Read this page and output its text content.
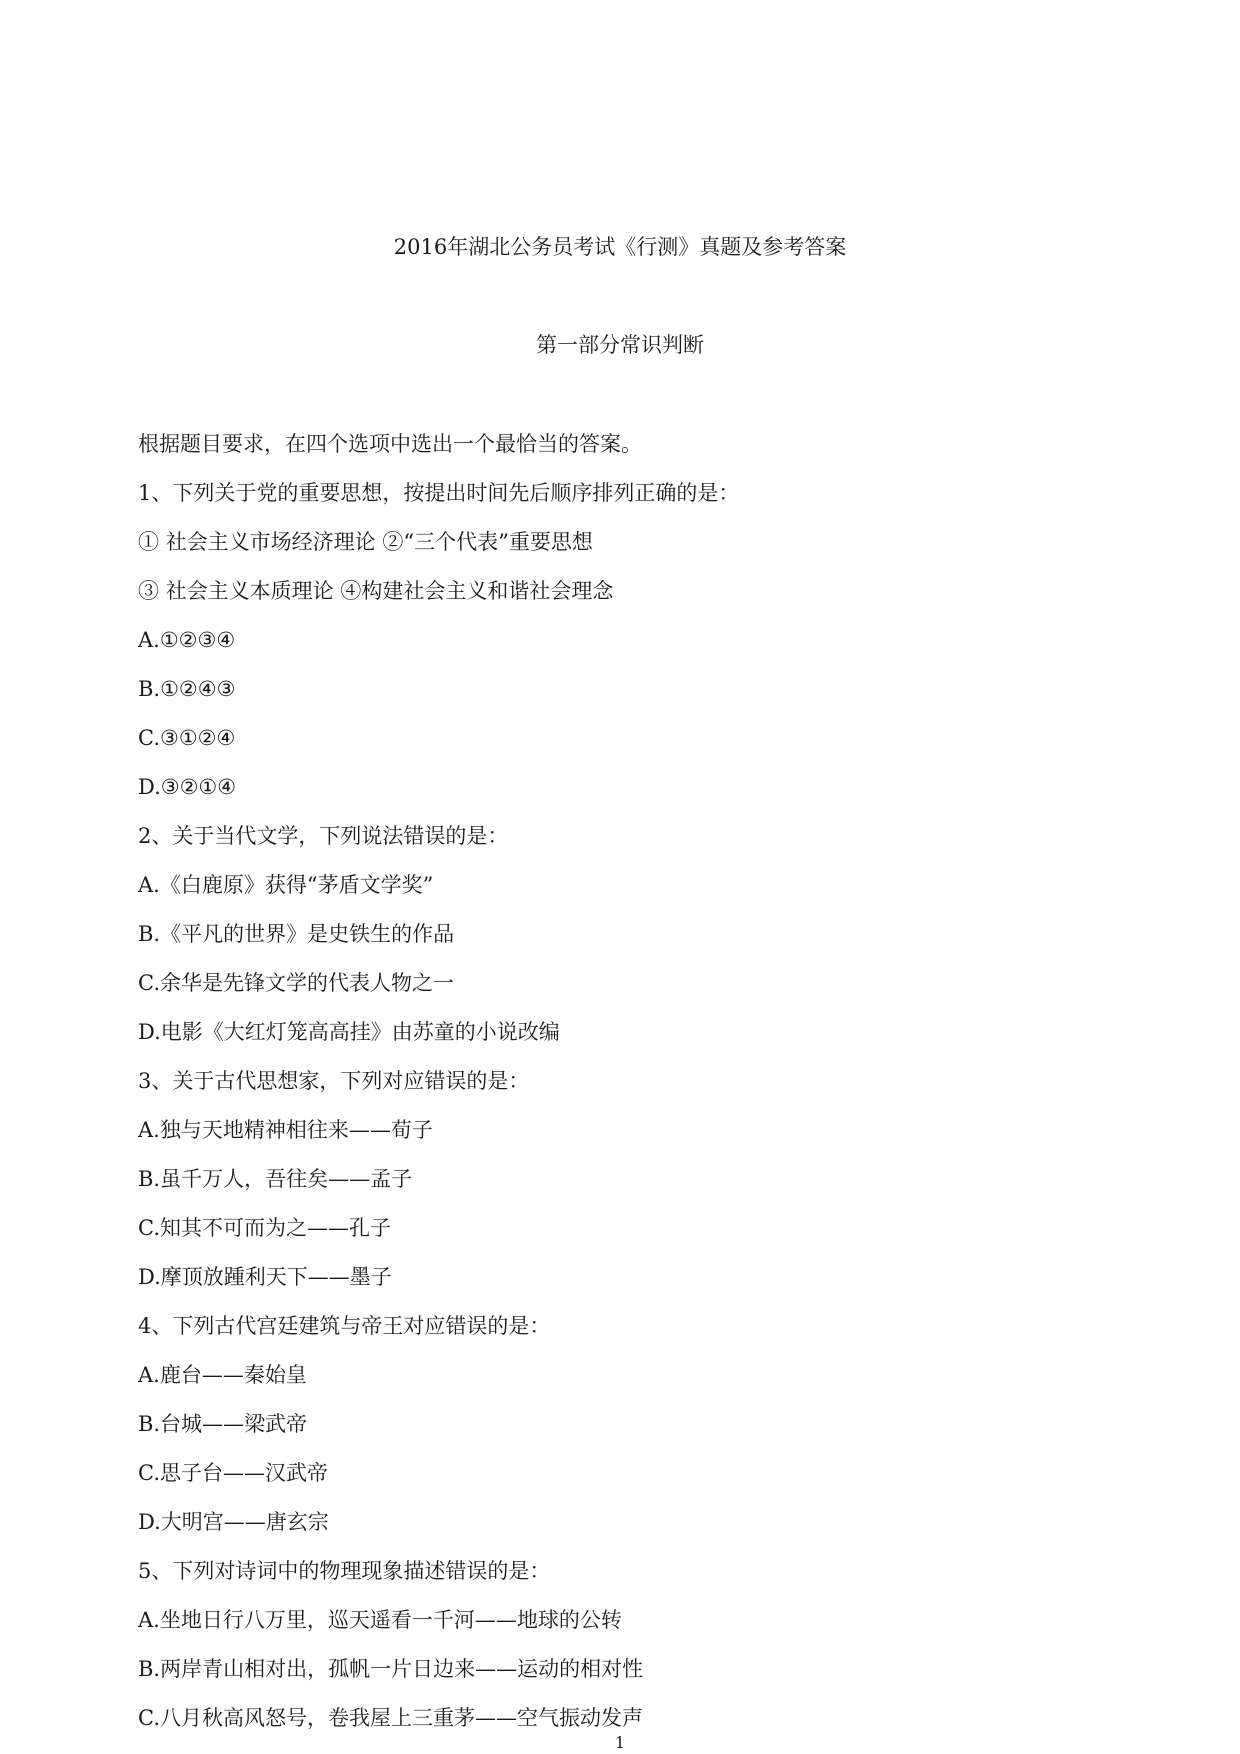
2016年湖北公务员考试《行测》真题及参考答案
第一部分常识判断
根据题目要求，在四个选项中选出一个最恰当的答案。
1、下列关于党的重要思想，按提出时间先后顺序排列正确的是：
① 社会主义市场经济理论 ②“三个代表”重要思想
③ 社会主义本质理论 ④构建社会主义和谐社会理念
A.①②③④
B.①②④③
C.③①②④
D.③②①④
2、关于当代文学，下列说法错误的是：
A.《白鹿原》获得“茅盾文学奖”
B.《平凡的世界》是史铁生的作品
C.余华是先锋文学的代表人物之一
D.电影《大红灯笼高高挂》由苏童的小说改编
3、关于古代思想家，下列对应错误的是：
A.独与天地精神相往来——荀子
B.虽千万人，吾往矣——孟子
C.知其不可而为之——孔子
D.摩顶放踵利天下——墨子
4、下列古代宫廷建筑与帝王对应错误的是：
A.鹿台——秦始皇
B.台城——梁武帝
C.思子台——汉武帝
D.大明宫——唐玄宗
5、下列对诗词中的物理现象描述错误的是：
A.坐地日行八万里，巡天遥看一千河——地球的公转
B.两岸青山相对出，孤帆一片日边来——运动的相对性
C.八月秋高风怒号，卷我屋上三重茅——空气振动发声
1
